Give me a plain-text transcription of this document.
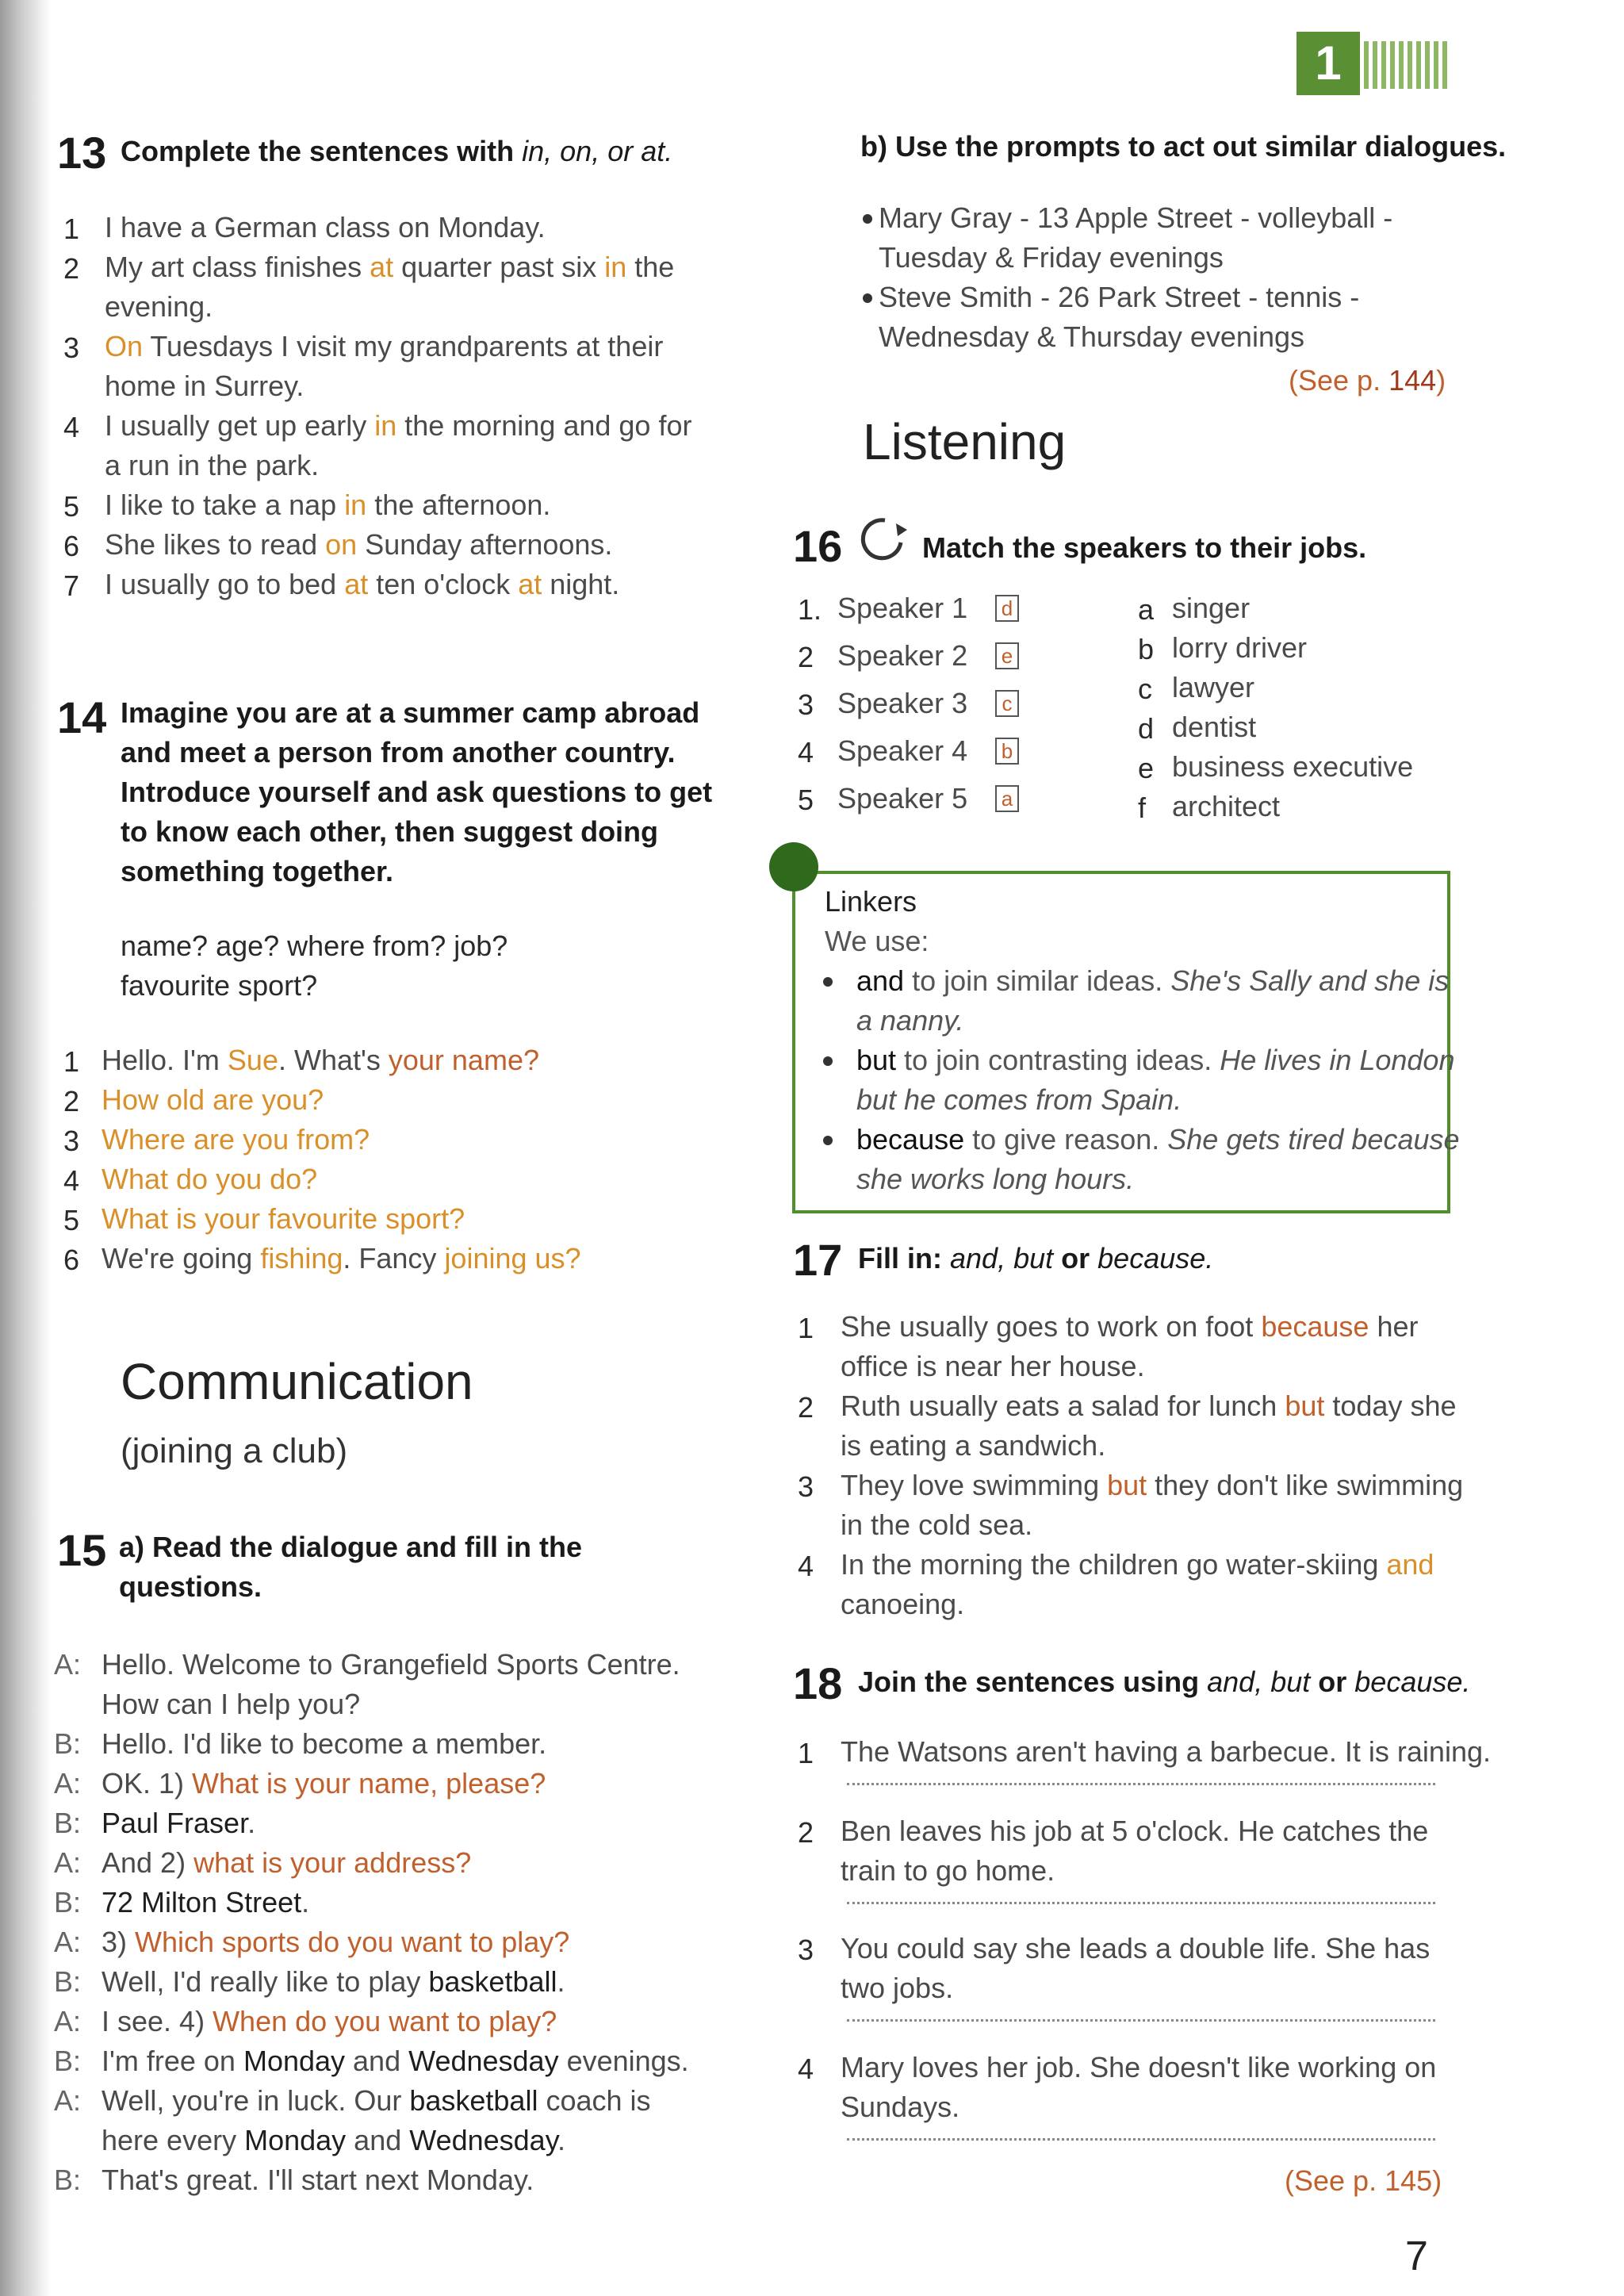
1
13 Complete the sentences with in, on, or at.
1 I have a German class on Monday.
2 My art class finishes at quarter past six in the
evening.
3 On Tuesdays I visit my grandparents at their
home in Surrey.
4 I usually get up early in the morning and go for
a run in the park.
5 I like to take a nap in the afternoon.
6 She likes to read on Sunday afternoons.
7 I usually go to bed at ten o'clock at night.
14 Imagine you are at a summer camp abroad
and meet a person from another country.
Introduce yourself and ask questions to get
to know each other, then suggest doing
something together.
name? age? where from? job?
favourite sport?
1 Hello. I'm Sue. What's your name?
2 How old are you?
3 Where are you from?
4 What do you do?
5 What is your favourite sport?
6 We're going fishing. Fancy joining us?
Communication
(joining a club)
15 a) Read the dialogue and fill in the
questions.
A: Hello. Welcome to Grangefield Sports Centre.
How can I help you?
B: Hello. I'd like to become a member.
A: OK. 1) What is your name, please?
B: Paul Fraser.
A: And 2) what is your address?
B: 72 Milton Street.
A: 3) Which sports do you want to play?
B: Well, I'd really like to play basketball.
A: I see. 4) When do you want to play?
B: I'm free on Monday and Wednesday evenings.
A: Well, you're in luck. Our basketball coach is
here every Monday and Wednesday.
B: That's great. I'll start next Monday.
b) Use the prompts to act out similar dialogues.
Mary Gray - 13 Apple Street - volleyball -
Tuesday & Friday evenings
Steve Smith - 26 Park Street - tennis -
Wednesday & Thursday evenings
(See p. 144)
Listening
16	Match the speakers to their jobs.
1. Speaker 1 d
2 Speaker 2 e
3 Speaker 3	c
4 Speaker 4 b
5 Speaker 5 a
a singer
b lorry driver
c lawyer
d dentist
e business executive
f architect
Linkers
We use:
and to join similar ideas. She's Sally and she is
a nanny.
but to join contrasting ideas. He lives in London
but he comes from Spain.
because to give reason. She gets tired because
she works long hours.
17 Fill in: and, but or because.
1 She usually goes to work on foot because her
office is near her house.
2 Ruth usually eats a salad for lunch but today she
is eating a sandwich.
3 They love swimming but they don't like swimming
in the cold sea.
4 In the morning the children go water-skiing and
canoeing.
18 Join the sentences using and, but or because.
1 The Watsons aren't having a barbecue. It is raining.
2 Ben leaves his job at 5 o'clock. He catches the
train to go home.
3 You could say she leads a double life. She has
two jobs.
4 Mary loves her job. She doesn't like working on
Sundays.
(See p. 145)
7
